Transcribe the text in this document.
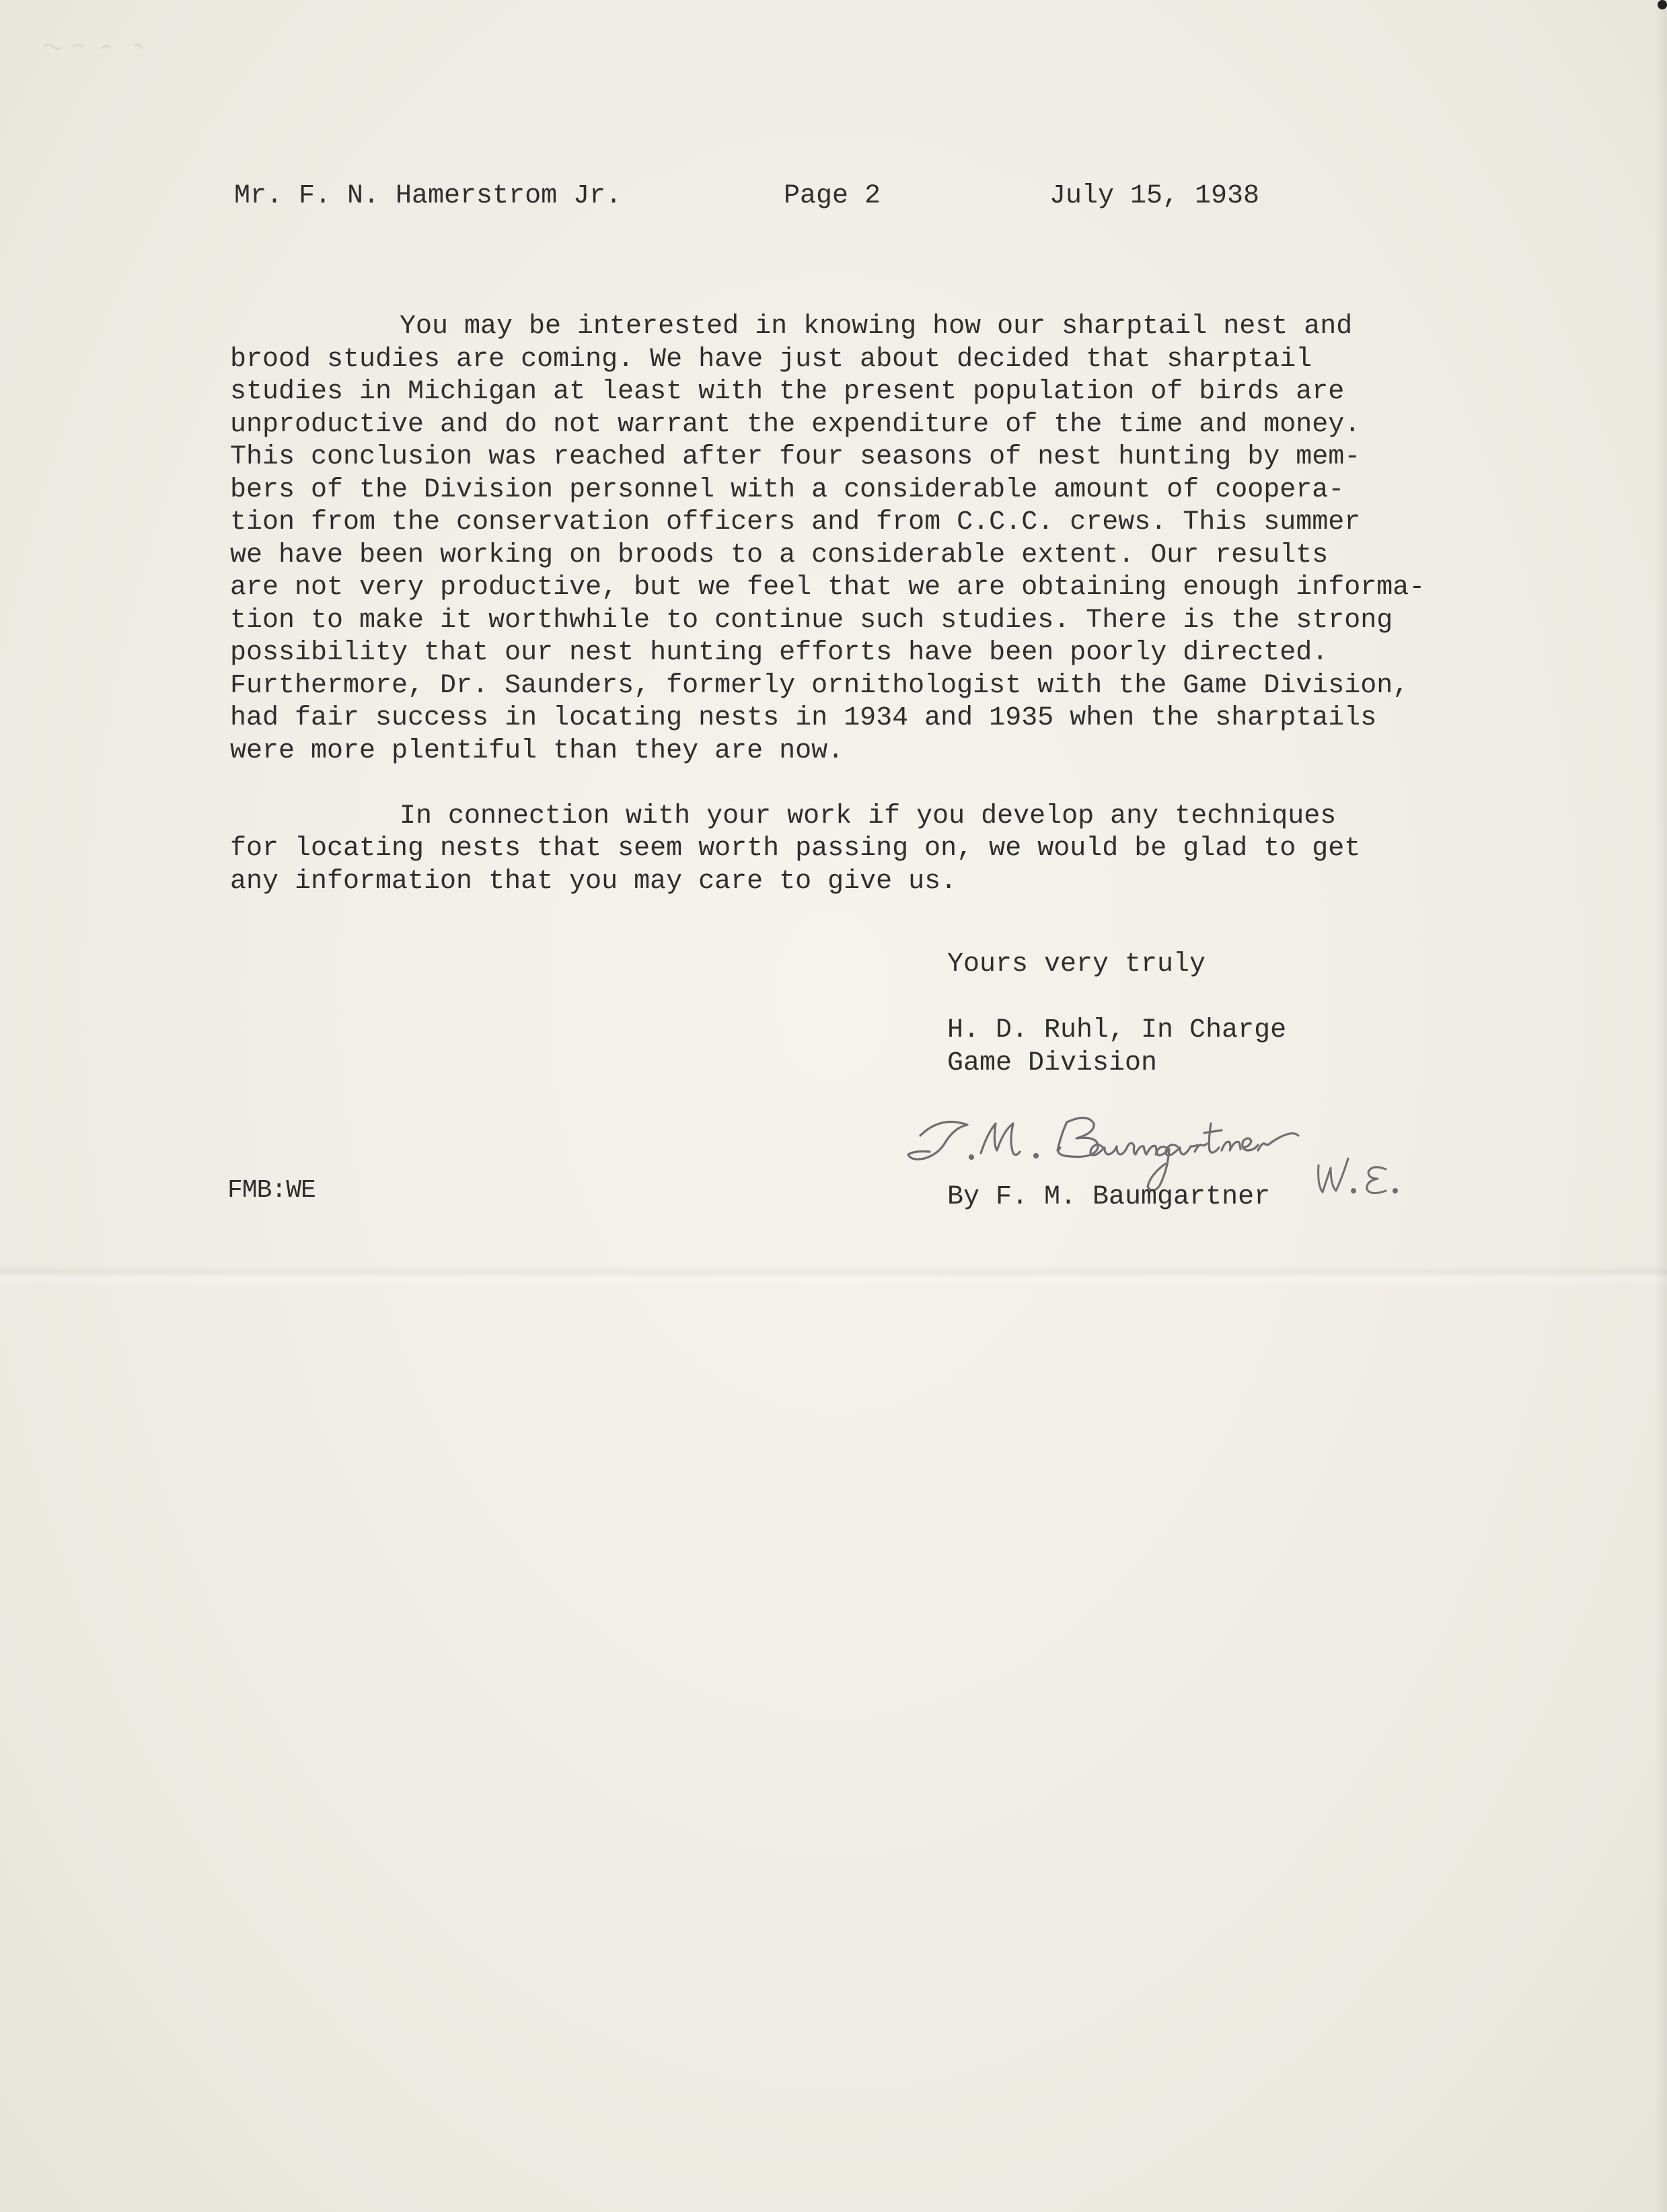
Mr. F. N. Hamerstrom Jr.	Page 2	July 15, 1938
You may be interested in knowing how our sharptail nest and
brood studies are coming. We have just about decided that sharptail
studies in Michigan at least with the present population of birds are
unproductive and do not warrant the expenditure of the time and money.
This conclusion was reached after four seasons of nest hunting by mem-
bers of the Division personnel with a considerable amount of coopera-
tion from the conservation officers and from C.C.C. crews. This summer
we have been working on broods to a considerable extent. Our results
are not very productive, but we feel that we are obtaining enough informa-
tion to make it worthwhile to continue such studies. There is the strong
possibility that our nest hunting efforts have been poorly directed.
Furthermore, Dr. Saunders, formerly ornithologist with the Game Division,
had fair success in locating nests in 1934 and 1935 when the sharptails
were more plentiful than they are now.
In connection with your work if you develop any techniques
for locating nests that seem worth passing on, we would be glad to get
any information that you may care to give us.
Yours very truly
H. D. Ruhl, In Charge
Game Division
FMB:WE	By F. M. Baumgartner
